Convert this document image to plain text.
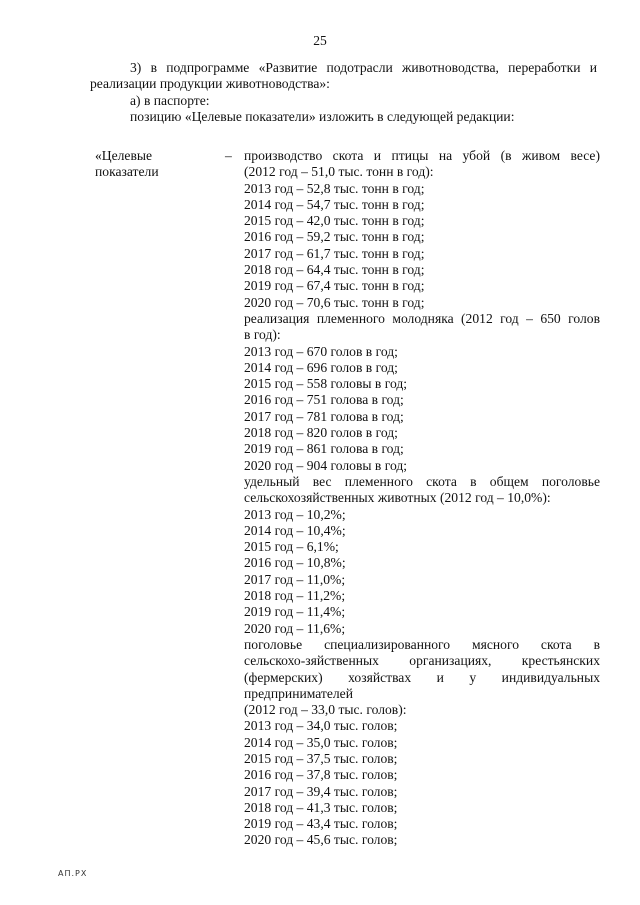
25
3) в подпрограмме «Развитие подотрасли животноводства, переработки и
реализации продукции животноводства»:
а) в паспорте:
позицию «Целевые показатели» изложить в следующей редакции:
«Целевые
показатели
– производство скота и птицы на убой (в живом весе)
(2012 год – 51,0 тыс. тонн в год):
2013 год – 52,8 тыс. тонн в год;
2014 год – 54,7 тыс. тонн в год;
2015 год – 42,0 тыс. тонн в год;
2016 год – 59,2 тыс. тонн в год;
2017 год – 61,7 тыс. тонн в год;
2018 год – 64,4 тыс. тонн в год;
2019 год – 67,4 тыс. тонн в год;
2020 год – 70,6 тыс. тонн в год;
реализация племенного молодняка (2012 год – 650 голов
в год):
2013 год – 670 голов в год;
2014 год – 696 голов в год;
2015 год – 558 головы в год;
2016 год – 751 голова в год;
2017 год – 781 голова в год;
2018 год – 820 голов в год;
2019 год – 861 голова в год;
2020 год – 904 головы в год;
удельный вес племенного скота в общем поголовье
сельскохозяйственных животных (2012 год – 10,0%):
2013 год – 10,2%;
2014 год – 10,4%;
2015 год – 6,1%;
2016 год – 10,8%;
2017 год – 11,0%;
2018 год – 11,2%;
2019 год – 11,4%;
2020 год – 11,6%;
поголовье специализированного мясного скота в
сельскохо-зяйственных организациях, крестьянских
(фермерских) хозяйствах и у индивидуальных
предпринимателей
(2012 год – 33,0 тыс. голов):
2013 год – 34,0 тыс. голов;
2014 год – 35,0 тыс. голов;
2015 год – 37,5 тыс. голов;
2016 год – 37,8 тыс. голов;
2017 год – 39,4 тыс. голов;
2018 год – 41,3 тыс. голов;
2019 год – 43,4 тыс. голов;
2020 год – 45,6 тыс. голов;
АП.РХ
